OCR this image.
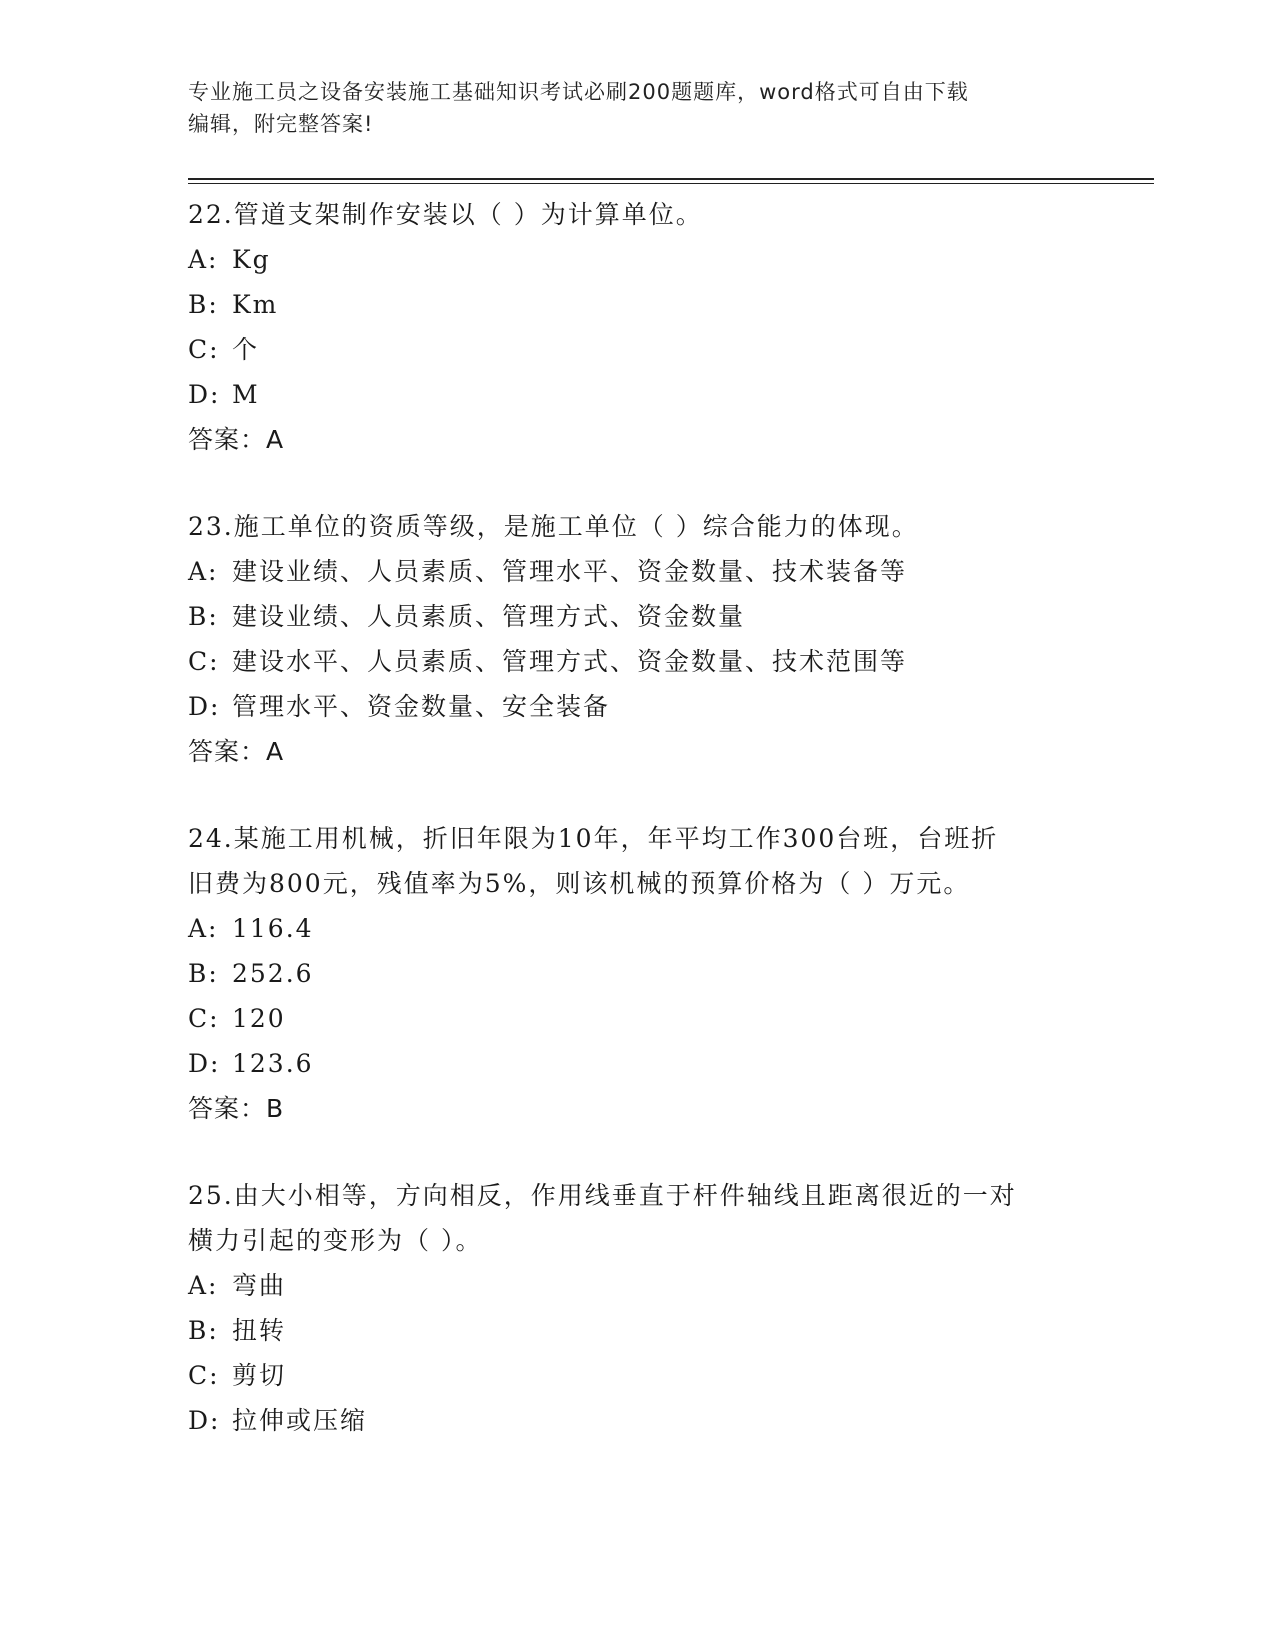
专业施工员之设备安装施工基础知识考试必刷200题题库，word格式可自由下载
编辑，附完整答案!
22.管道支架制作安装以（ ）为计算单位。
A: Kg
B: Km
C: 个
D: M
答案：A
23.施工单位的资质等级，是施工单位（ ）综合能力的体现。
A: 建设业绩、人员素质、管理水平、资金数量、技术装备等
B: 建设业绩、人员素质、管理方式、资金数量
C: 建设水平、人员素质、管理方式、资金数量、技术范围等
D: 管理水平、资金数量、安全装备
答案：A
24.某施工用机械，折旧年限为10年，年平均工作300台班，台班折
旧费为800元，残值率为5%，则该机械的预算价格为（ ）万元。
A: 116.4
B: 252.6
C: 120
D: 123.6
答案：B
25.由大小相等，方向相反，作用线垂直于杆件轴线且距离很近的一对
横力引起的变形为（ ）。
A: 弯曲
B: 扭转
C: 剪切
D: 拉伸或压缩
